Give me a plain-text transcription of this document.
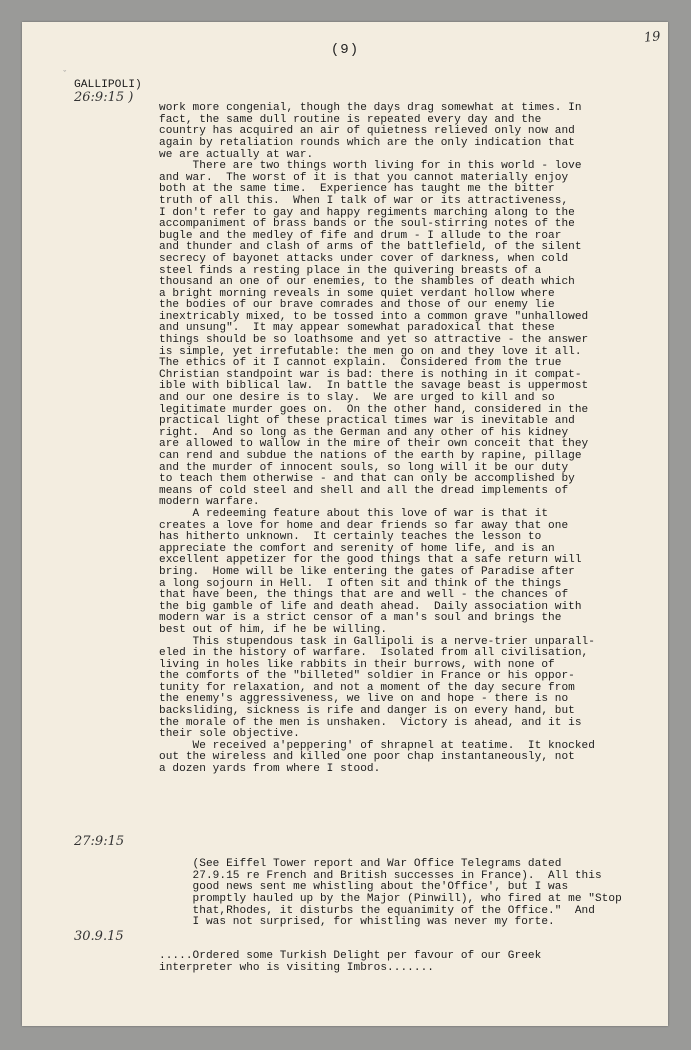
19
ˇ
(9)
GALLIPOLI)
26:9:15 )

work more congenial, though the days drag somewhat at times. In
fact, the same dull routine is repeated every day and the
country has acquired an air of quietness relieved only now and
again by retaliation rounds which are the only indication that
we are actually at war.
There are two things worth living for in this world - love
and war.  The worst of it is that you cannot materially enjoy
both at the same time.  Experience has taught me the bitter
truth of all this.  When I talk of war or its attractiveness,
I don't refer to gay and happy regiments marching along to the
accompaniment of brass bands or the soul-stirring notes of the
bugle and the medley of fife and drum - I allude to the roar
and thunder and clash of arms of the battlefield, of the silent
secrecy of bayonet attacks under cover of darkness, when cold
steel finds a resting place in the quivering breasts of a
thousand an one of our enemies, to the shambles of death which
a bright morning reveals in some quiet verdant hollow where
the bodies of our brave comrades and those of our enemy lie
inextricably mixed, to be tossed into a common grave "unhallowed
and unsung".  It may appear somewhat paradoxical that these
things should be so loathsome and yet so attractive - the answer
is simple, yet irrefutable: the men go on and they love it all.
The ethics of it I cannot explain.  Considered from the true
Christian standpoint war is bad: there is nothing in it compat-
ible with biblical law.  In battle the savage beast is uppermost
and our one desire is to slay.  We are urged to kill and so
legitimate murder goes on.  On the other hand, considered in the
practical light of these practical times war is inevitable and
right.  And so long as the German and any other of his kidney
are allowed to wallow in the mire of their own conceit that they
can rend and subdue the nations of the earth by rapine, pillage
and the murder of innocent souls, so long will it be our duty
to teach them otherwise - and that can only be accomplished by
means of cold steel and shell and all the dread implements of
modern warfare.
A redeeming feature about this love of war is that it
creates a love for home and dear friends so far away that one
has hitherto unknown.  It certainly teaches the lesson to
appreciate the comfort and serenity of home life, and is an
excellent appetizer for the good things that a safe return will
bring.  Home will be like entering the gates of Paradise after
a long sojourn in Hell.  I often sit and think of the things
that have been, the things that are and well - the chances of
the big gamble of life and death ahead.  Daily association with
modern war is a strict censor of a man's soul and brings the
best out of him, if he be willing.
This stupendous task in Gallipoli is a nerve-trier unparall-
eled in the history of warfare.  Isolated from all civilisation,
living in holes like rabbits in their burrows, with none of
the comforts of the "billeted" soldier in France or his oppor-
tunity for relaxation, and not a moment of the day secure from
the enemy's aggressiveness, we live on and hope - there is no
backsliding, sickness is rife and danger is on every hand, but
the morale of the men is unshaken.  Victory is ahead, and it is
their sole objective.
We received a'peppering' of shrapnel at teatime.  It knocked
out the wireless and killed one poor chap instantaneously, not
a dozen yards from where I stood.

27:9:15

(See Eiffel Tower report and War Office Telegrams dated
27.9.15 re French and British successes in France).  All this
good news sent me whistling about the'Office', but I was
promptly hauled up by the Major (Pinwill), who fired at me "Stop
that,Rhodes, it disturbs the equanimity of the Office."  And
I was not surprised, for whistling was never my forte.

30.9.15

.....Ordered some Turkish Delight per favour of our Greek
interpreter who is visiting Imbros.......
